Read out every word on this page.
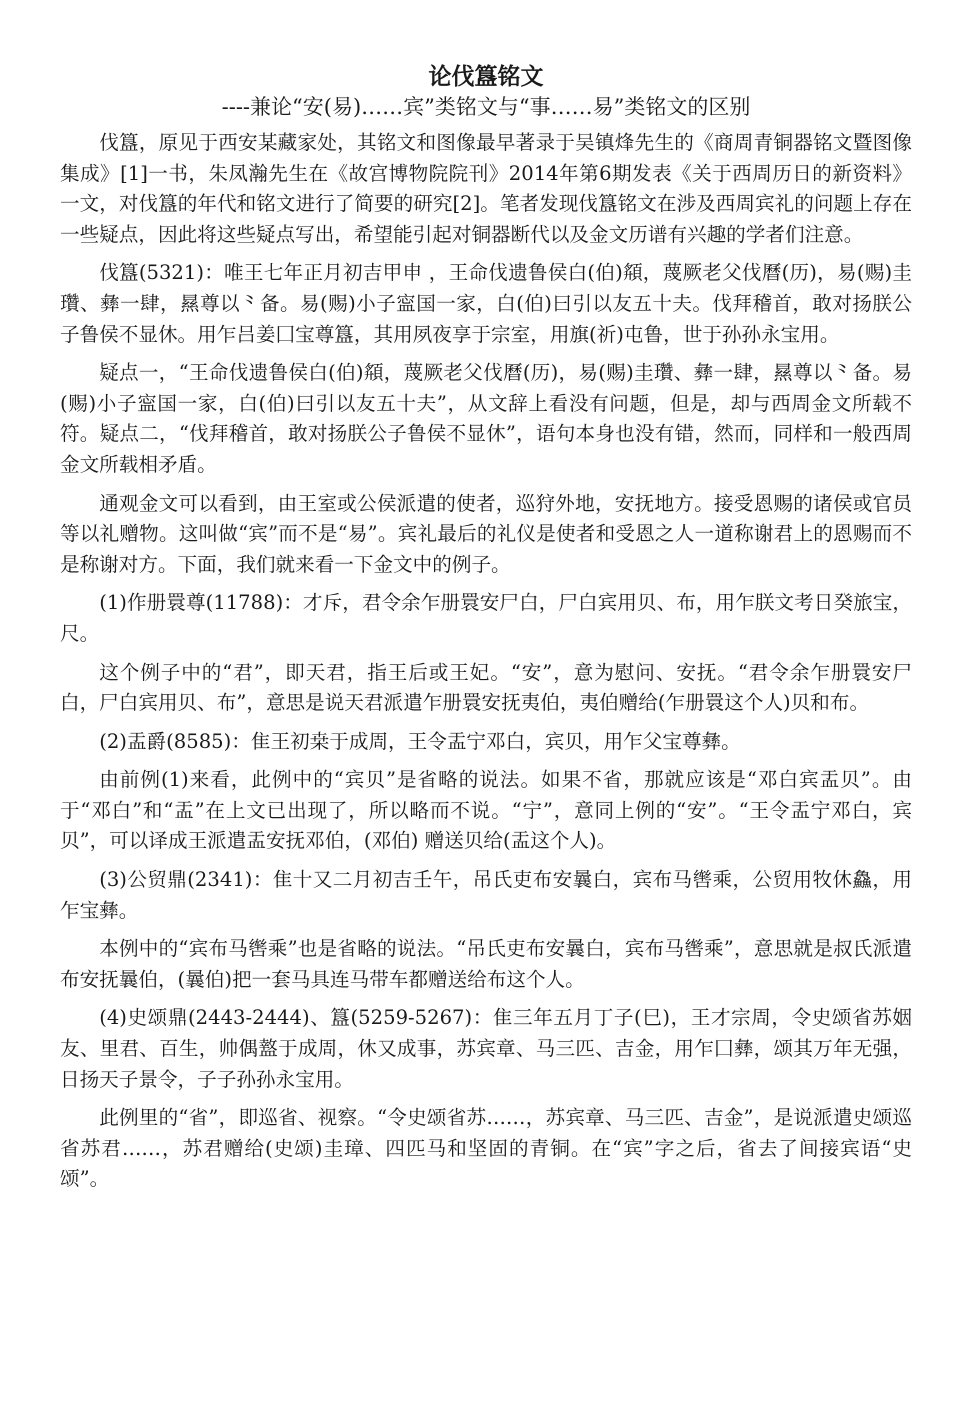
论伐簋铭文
----兼论“安(易)……宾”类铭文与“事……易”类铭文的区别

伐簋，原见于西安某藏家处，其铭文和图像最早著录于吴镇烽先生的《商周青铜器铭文暨图像集成》[1]一书，朱凤瀚先生在《故宫博物院院刊》2014年第6期发表《关于西周历日的新资料》一文，对伐簋的年代和铭文进行了简要的研究[2]。笔者发现伐簋铭文在涉及西周宾礼的问题上存在一些疑点，因此将这些疑点写出，希望能引起对铜器断代以及金文历谱有兴趣的学者们注意。

伐簋(5321)：唯王七年正月初吉甲申 ，王命伐遗鲁侯白(伯)頯，蔑厥老父伐曆(历)，易(赐)圭瓚、彝一肆，㬎尊以⺀备。易(赐)小子寍国一家，白(伯)曰引以友五十夫。伐拜稽首，敢对扬朕公子鲁侯不显休。用乍吕姜囗宝尊簋，其用夙夜享于宗室，用旗(祈)屯鲁，世于孙孙永宝用。

疑点一，“王命伐遗鲁侯白(伯)頯，蔑厥老父伐曆(历)，易(赐)圭瓚、彝一肆，㬎尊以⺀备。易(赐)小子寍国一家，白(伯)曰引以友五十夫”，从文辞上看没有问题，但是，却与西周金文所载不符。疑点二，“伐拜稽首，敢对扬朕公子鲁侯不显休”，语句本身也没有错，然而，同样和一般西周金文所载相矛盾。

通观金文可以看到，由王室或公侯派遣的使者，巡狩外地，安抚地方。接受恩赐的诸侯或官员等以礼赠物。这叫做“宾”而不是“易”。宾礼最后的礼仪是使者和受恩之人一道称谢君上的恩赐而不是称谢对方。下面，我们就来看一下金文中的例子。

(1)作册睘尊(11788)：才斥，君令余乍册睘安尸白，尸白宾用贝、布，用乍朕文考日癸旅宝，尺。

这个例子中的“君”，即天君，指王后或王妃。“安”，意为慰问、安抚。“君令余乍册睘安尸白，尸白宾用贝、布”，意思是说天君派遣乍册睘安抚夷伯，夷伯赠给(乍册睘这个人)贝和布。

(2)盂爵(8585)：隹王初桒于成周，王令盂宁邓白，宾贝，用乍父宝尊彝。

由前例(1)来看，此例中的“宾贝”是省略的说法。如果不省，那就应该是“邓白宾盂贝”。由于“邓白”和“盂”在上文已出现了，所以略而不说。“宁”，意同上例的“安”。“王令盂宁邓白，宾贝”，可以译成王派遣盂安抚邓伯，(邓伯) 赠送贝给(盂这个人)。

(3)公贸鼎(2341)：隹十又二月初吉壬午，吊氏吏布安曩白，宾布马辔乘，公贸用牧休鱻，用乍宝彝。

本例中的“宾布马辔乘”也是省略的说法。“吊氏吏布安曩白，宾布马辔乘”，意思就是叔氏派遣布安抚曩伯，(曩伯)把一套马具连马带车都赠送给布这个人。

(4)史颂鼎(2443-2444)、簋(5259-5267)：隹三年五月丁子(巳)，王才宗周，令史颂省苏姻友、里君、百生，帅偶盩于成周，休又成事，苏宾章、马三匹、吉金，用乍囗彝，颂其万年无强，日扬天子景令，子子孙孙永宝用。

此例里的“省”，即巡省、视察。“令史颂省苏……，苏宾章、马三匹、吉金”，是说派遣史颂巡省苏君……，苏君赠给(史颂)圭璋、四匹马和坚固的青铜。在“宾”字之后，省去了间接宾语“史颂”。
